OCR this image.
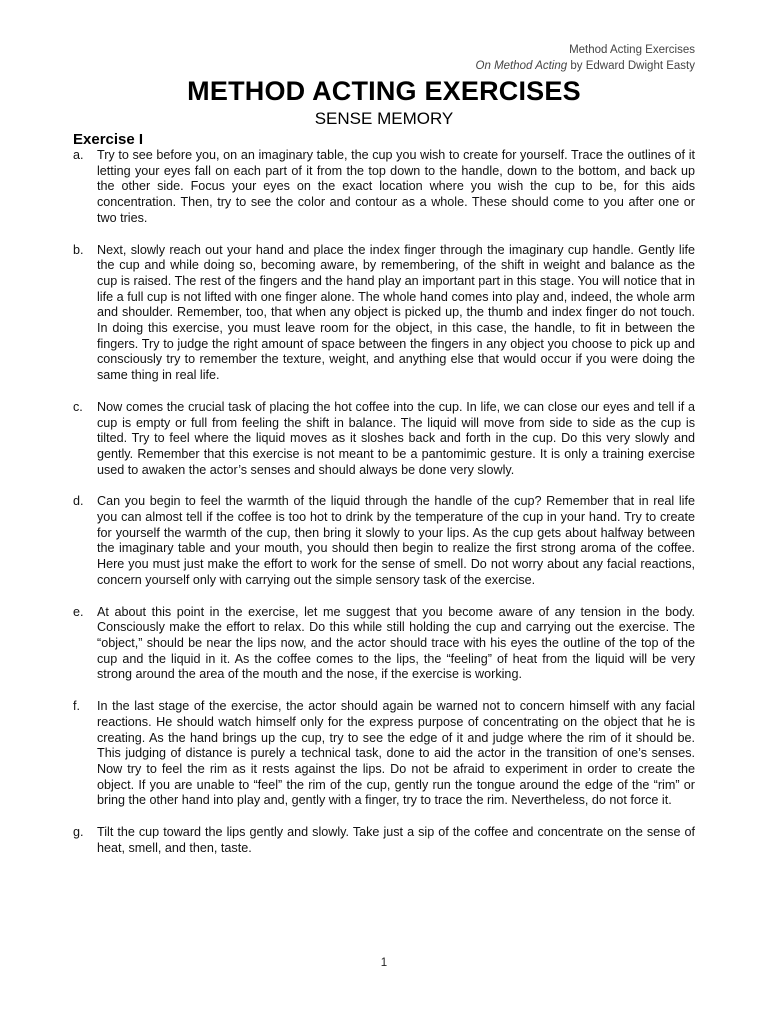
Method Acting Exercises
On Method Acting by Edward Dwight Easty
METHOD ACTING EXERCISES
SENSE MEMORY
Exercise I
a.	Try to see before you, on an imaginary table, the cup you wish to create for yourself. Trace the outlines of it letting your eyes fall on each part of it from the top down to the handle, down to the bottom, and back up the other side. Focus your eyes on the exact location where you wish the cup to be, for this aids concentration. Then, try to see the color and contour as a whole. These should come to you after one or two tries.
b.	Next, slowly reach out your hand and place the index finger through the imaginary cup handle. Gently life the cup and while doing so, becoming aware, by remembering, of the shift in weight and balance as the cup is raised. The rest of the fingers and the hand play an important part in this stage. You will notice that in life a full cup is not lifted with one finger alone. The whole hand comes into play and, indeed, the whole arm and shoulder. Remember, too, that when any object is picked up, the thumb and index finger do not touch. In doing this exercise, you must leave room for the object, in this case, the handle, to fit in between the fingers. Try to judge the right amount of space between the fingers in any object you choose to pick up and consciously try to remember the texture, weight, and anything else that would occur if you were doing the same thing in real life.
c.	Now comes the crucial task of placing the hot coffee into the cup. In life, we can close our eyes and tell if a cup is empty or full from feeling the shift in balance. The liquid will move from side to side as the cup is tilted. Try to feel where the liquid moves as it sloshes back and forth in the cup. Do this very slowly and gently. Remember that this exercise is not meant to be a pantomimic gesture. It is only a training exercise used to awaken the actor’s senses and should always be done very slowly.
d.	Can you begin to feel the warmth of the liquid through the handle of the cup? Remember that in real life you can almost tell if the coffee is too hot to drink by the temperature of the cup in your hand. Try to create for yourself the warmth of the cup, then bring it slowly to your lips. As the cup gets about halfway between the imaginary table and your mouth, you should then begin to realize the first strong aroma of the coffee. Here you must just make the effort to work for the sense of smell. Do not worry about any facial reactions, concern yourself only with carrying out the simple sensory task of the exercise.
e.	At about this point in the exercise, let me suggest that you become aware of any tension in the body. Consciously make the effort to relax. Do this while still holding the cup and carrying out the exercise. The “object,” should be near the lips now, and the actor should trace with his eyes the outline of the top of the cup and the liquid in it. As the coffee comes to the lips, the “feeling” of heat from the liquid will be very strong around the area of the mouth and the nose, if the exercise is working.
f.	In the last stage of the exercise, the actor should again be warned not to concern himself with any facial reactions. He should watch himself only for the express purpose of concentrating on the object that he is creating. As the hand brings up the cup, try to see the edge of it and judge where the rim of it should be. This judging of distance is purely a technical task, done to aid the actor in the transition of one’s senses. Now try to feel the rim as it rests against the lips. Do not be afraid to experiment in order to create the object. If you are unable to “feel” the rim of the cup, gently run the tongue around the edge of the “rim” or bring the other hand into play and, gently with a finger, try to trace the rim. Nevertheless, do not force it.
g.	Tilt the cup toward the lips gently and slowly. Take just a sip of the coffee and concentrate on the sense of heat, smell, and then, taste.
1
